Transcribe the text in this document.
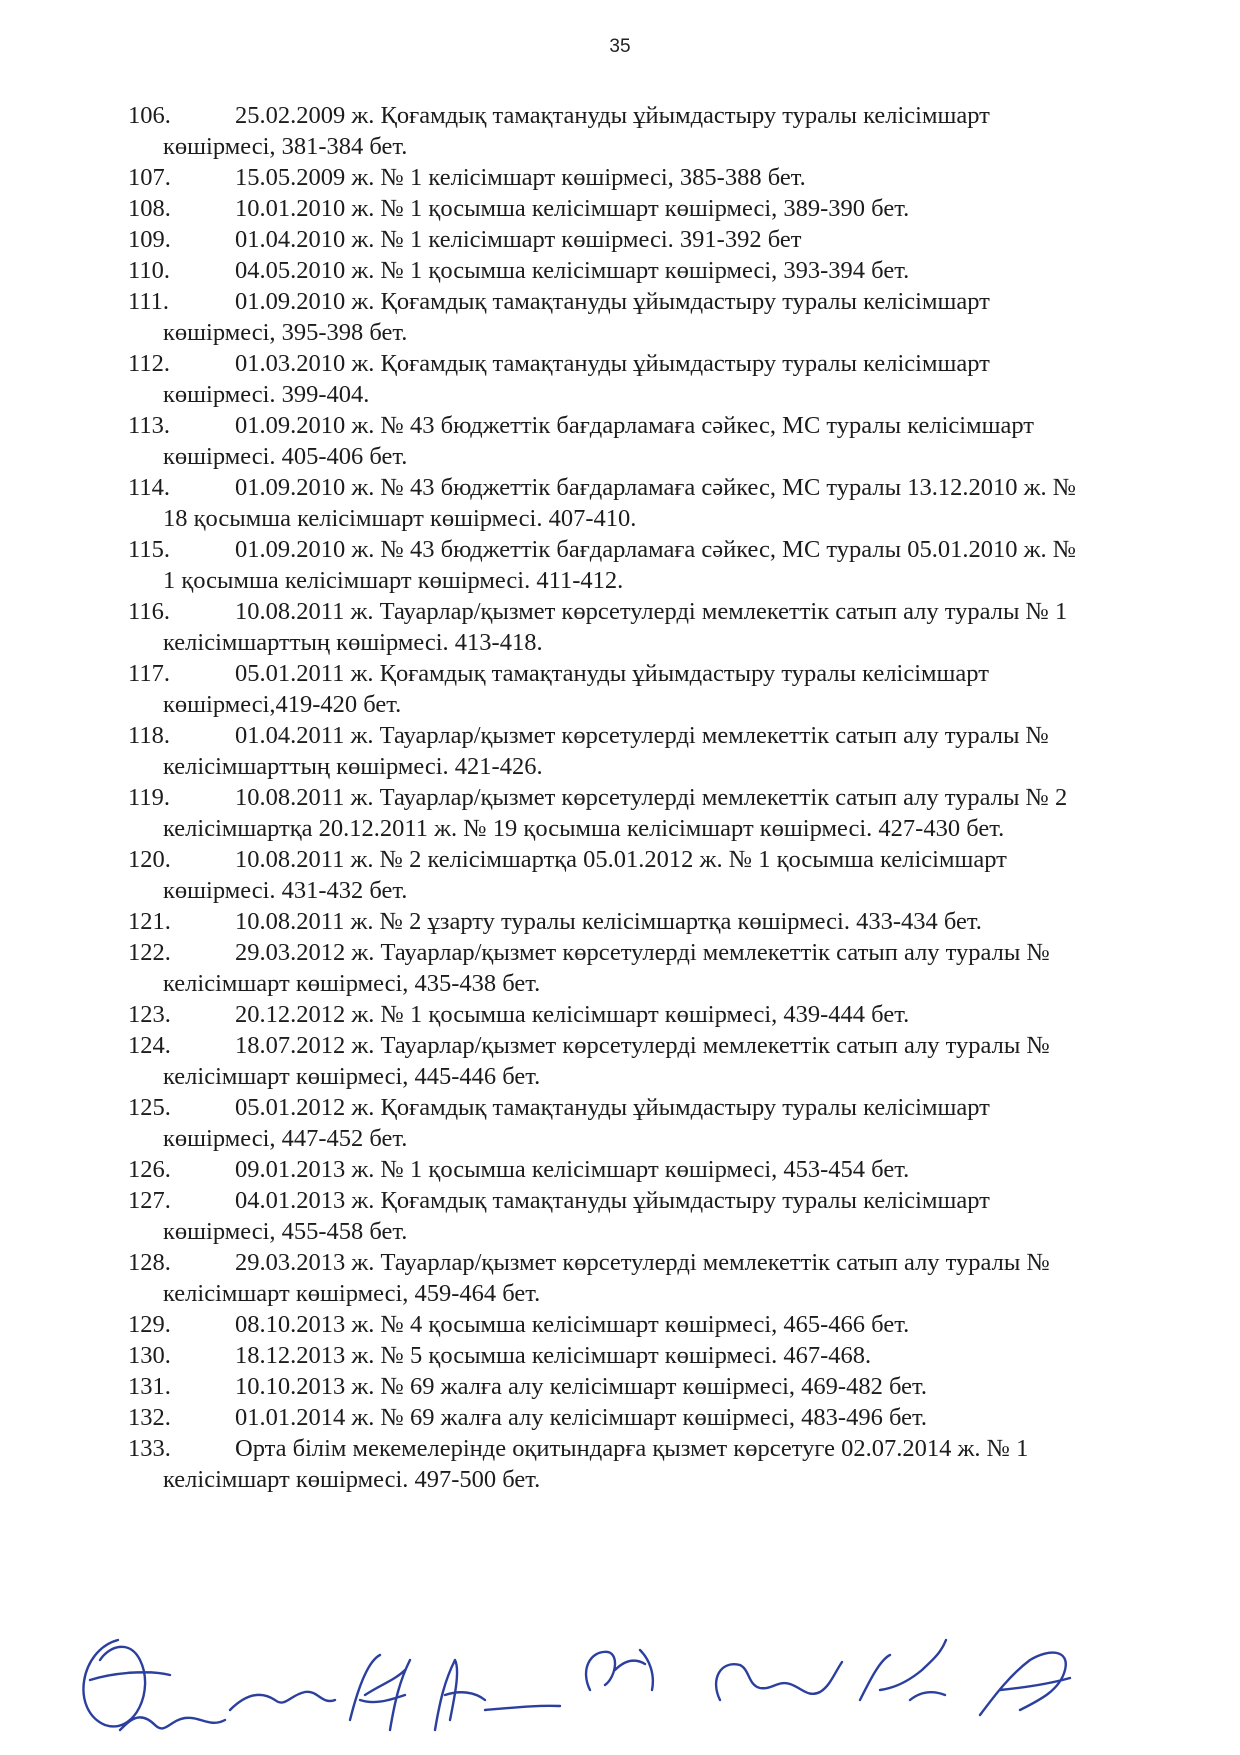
35
106.	25.02.2009 ж. Қоғамдық тамақтануды ұйымдастыру туралы келісімшарт
көшірмесі, 381-384 бет.
107.	15.05.2009 ж. № 1 келісімшарт көшірмесі, 385-388 бет.
108.	10.01.2010 ж. № 1 қосымша келісімшарт көшірмесі, 389-390 бет.
109.	01.04.2010 ж. № 1 келісімшарт көшірмесі. 391-392 бет
110.	04.05.2010 ж. № 1 қосымша келісімшарт көшірмесі, 393-394 бет.
111.	01.09.2010 ж. Қоғамдық тамақтануды ұйымдастыру туралы келісімшарт
көшірмесі, 395-398 бет.
112.	01.03.2010 ж. Қоғамдық тамақтануды ұйымдастыру туралы келісімшарт
көшірмесі. 399-404.
113.	01.09.2010 ж. № 43 бюджеттік бағдарламаға сәйкес, МС туралы келісімшарт
көшірмесі. 405-406 бет.
114.	01.09.2010 ж. № 43 бюджеттік бағдарламаға сәйкес, МС туралы 13.12.2010 ж. №
18 қосымша келісімшарт көшірмесі. 407-410.
115.	01.09.2010 ж. № 43 бюджеттік бағдарламаға сәйкес, МС туралы 05.01.2010 ж. №
1 қосымша келісімшарт көшірмесі. 411-412.
116.	10.08.2011 ж. Тауарлар/қызмет көрсетулерді мемлекеттік сатып алу туралы № 1
келісімшарттың көшірмесі. 413-418.
117.	05.01.2011 ж. Қоғамдық тамақтануды ұйымдастыру туралы келісімшарт
көшірмесі,419-420 бет.
118.	01.04.2011 ж. Тауарлар/қызмет көрсетулерді мемлекеттік сатып алу туралы №
келісімшарттың көшірмесі. 421-426.
119.	10.08.2011 ж. Тауарлар/қызмет көрсетулерді мемлекеттік сатып алу туралы № 2
келісімшартқа 20.12.2011 ж. № 19 қосымша келісімшарт көшірмесі. 427-430 бет.
120.	10.08.2011 ж. № 2 келісімшартқа 05.01.2012 ж. № 1 қосымша келісімшарт
көшірмесі. 431-432 бет.
121.	10.08.2011 ж. № 2 ұзарту туралы келісімшартқа көшірмесі. 433-434 бет.
122.	29.03.2012 ж. Тауарлар/қызмет көрсетулерді мемлекеттік сатып алу туралы №
келісімшарт көшірмесі, 435-438 бет.
123.	20.12.2012 ж. № 1 қосымша келісімшарт көшірмесі, 439-444 бет.
124.	18.07.2012 ж. Тауарлар/қызмет көрсетулерді мемлекеттік сатып алу туралы №
келісімшарт көшірмесі, 445-446 бет.
125.	05.01.2012 ж. Қоғамдық тамақтануды ұйымдастыру туралы келісімшарт
көшірмесі, 447-452 бет.
126.	09.01.2013 ж. № 1 қосымша келісімшарт көшірмесі, 453-454 бет.
127.	04.01.2013 ж. Қоғамдық тамақтануды ұйымдастыру туралы келісімшарт
көшірмесі, 455-458 бет.
128.	29.03.2013 ж. Тауарлар/қызмет көрсетулерді мемлекеттік сатып алу туралы №
келісімшарт көшірмесі, 459-464 бет.
129.	08.10.2013 ж. № 4 қосымша келісімшарт көшірмесі, 465-466 бет.
130.	18.12.2013 ж. № 5 қосымша келісімшарт көшірмесі. 467-468.
131.	10.10.2013 ж. № 69 жалға алу келісімшарт көшірмесі, 469-482 бет.
132.	01.01.2014 ж. № 69 жалға алу келісімшарт көшірмесі, 483-496 бет.
133.	Орта білім мекемелерінде оқитындарға қызмет көрсетуге 02.07.2014 ж. № 1
келісімшарт көшірмесі. 497-500 бет.
